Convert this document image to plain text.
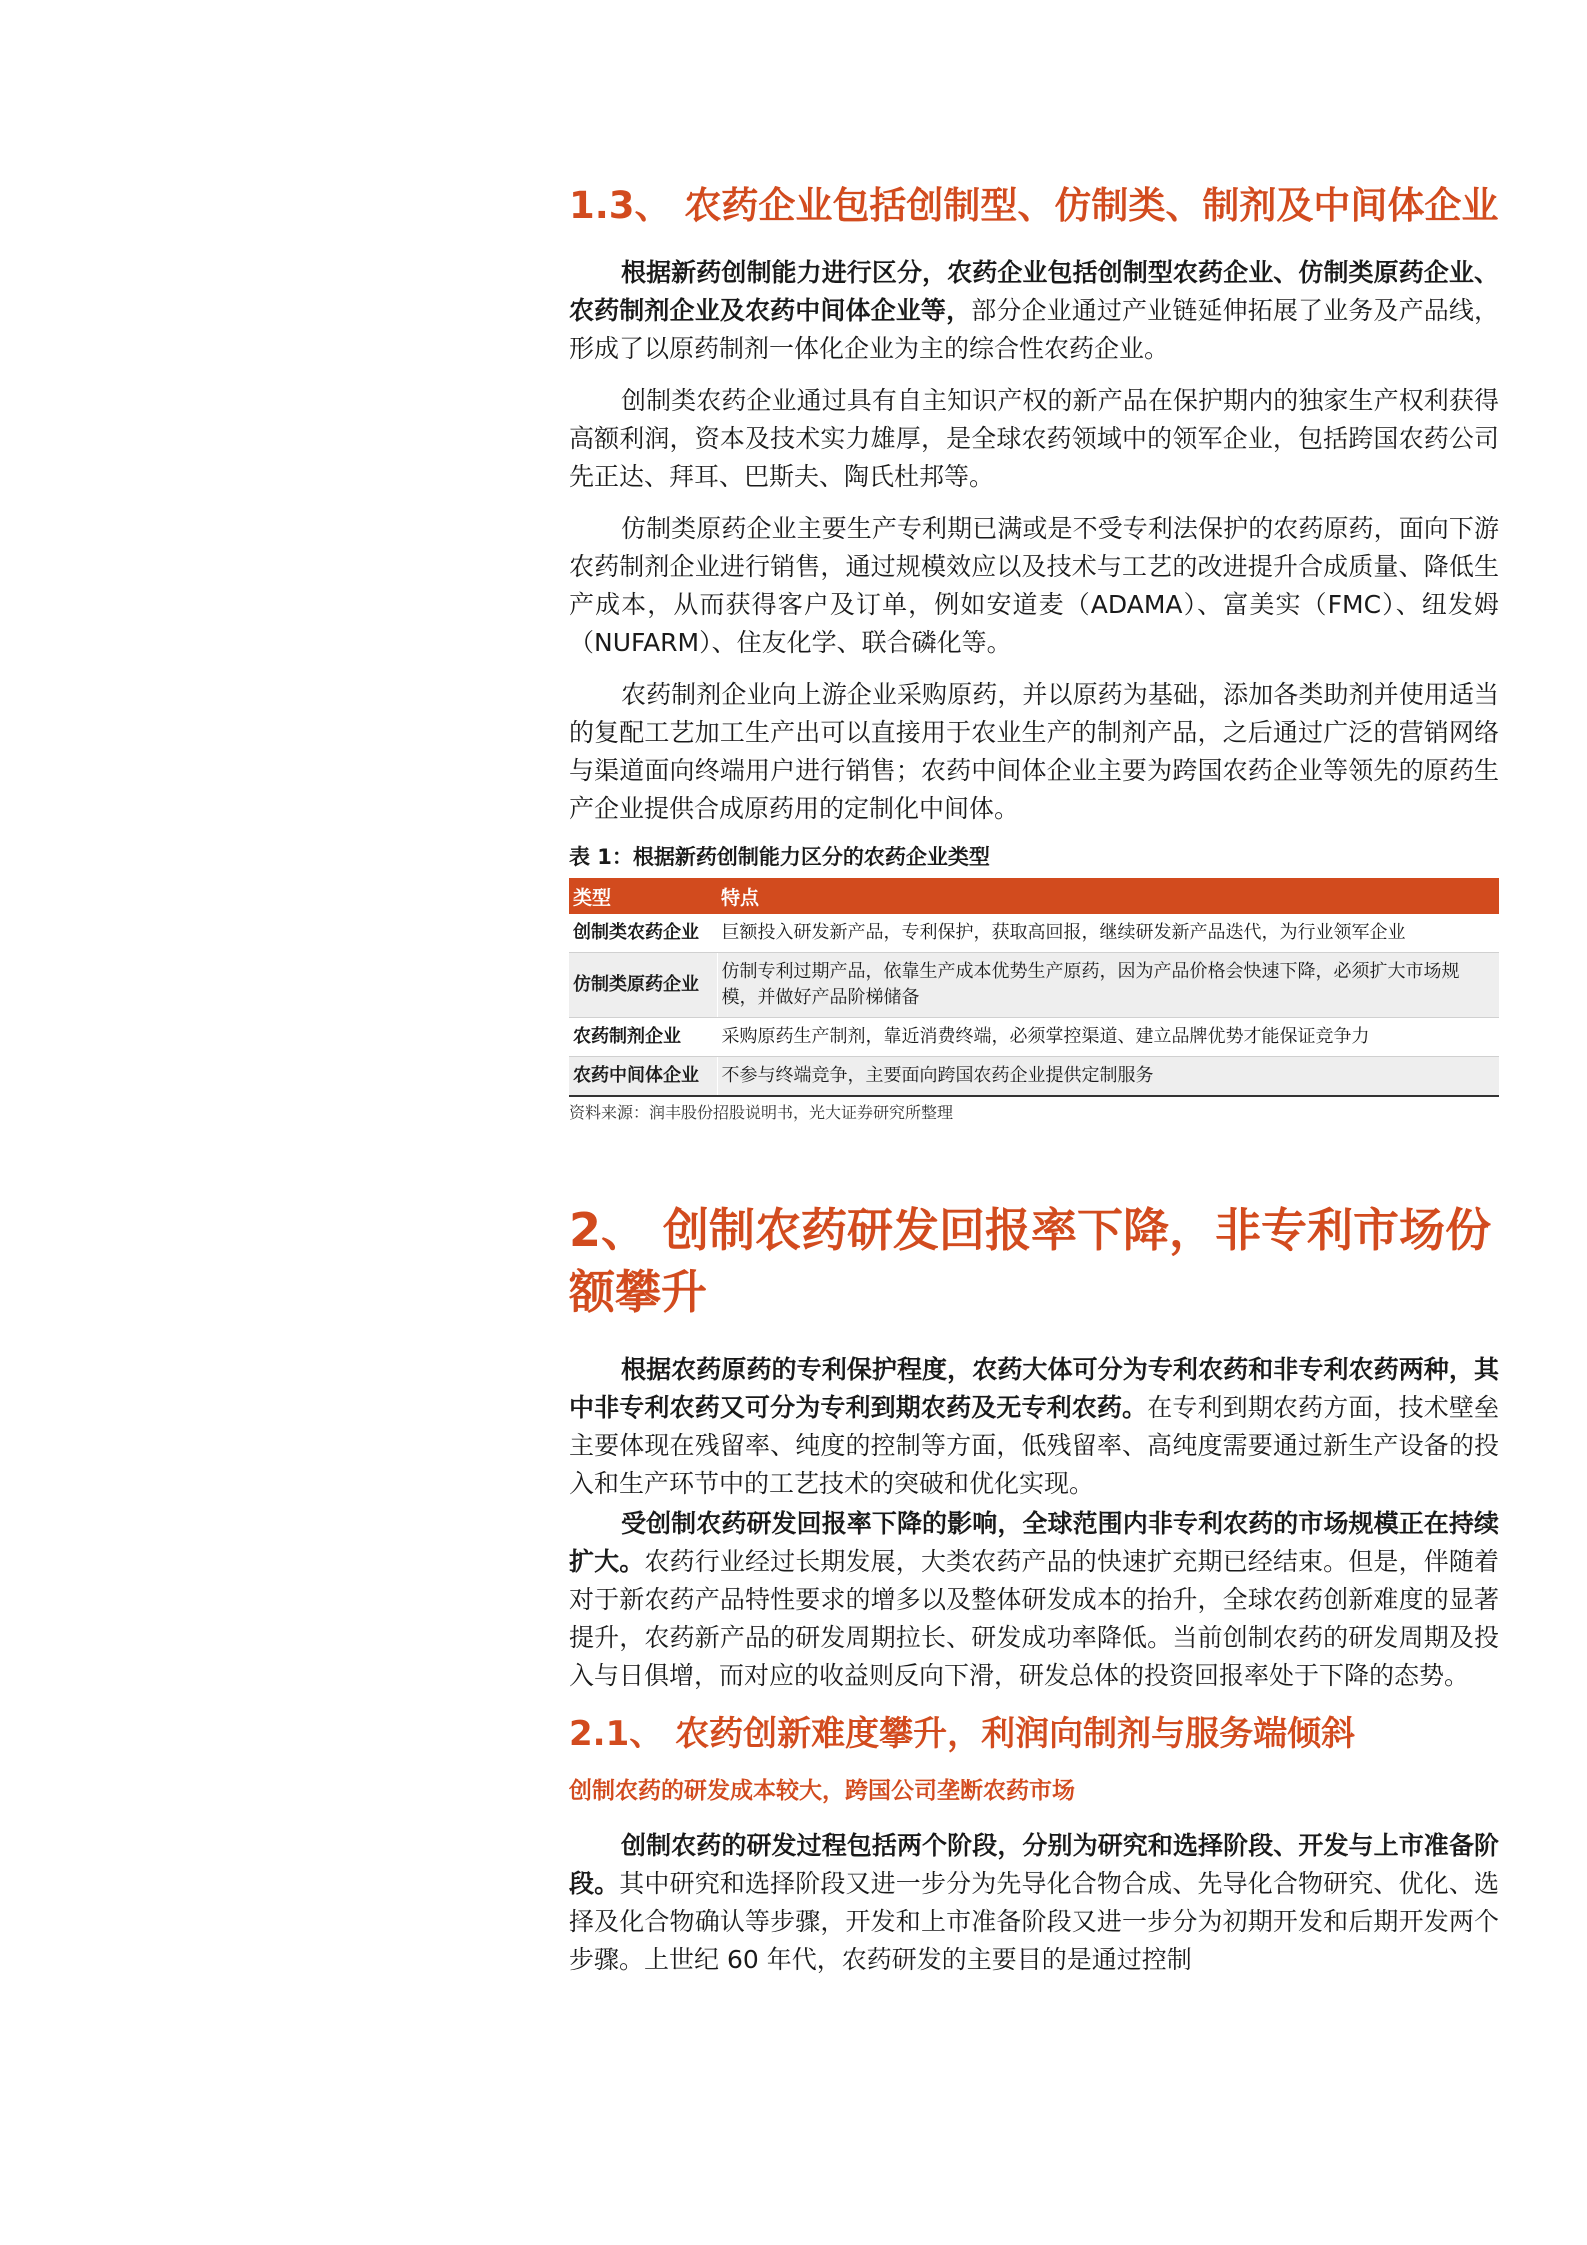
1.3、 农药企业包括创制型、仿制类、制剂及中间体企业

根据新药创制能力进行区分，农药企业包括创制型农药企业、仿制类原药企业、农药制剂企业及农药中间体企业等，部分企业通过产业链延伸拓展了业务及产品线，形成了以原药制剂一体化企业为主的综合性农药企业。

创制类农药企业通过具有自主知识产权的新产品在保护期内的独家生产权利获得高额利润，资本及技术实力雄厚，是全球农药领域中的领军企业，包括跨国农药公司先正达、拜耳、巴斯夫、陶氏杜邦等。

仿制类原药企业主要生产专利期已满或是不受专利法保护的农药原药，面向下游农药制剂企业进行销售，通过规模效应以及技术与工艺的改进提升合成质量、降低生产成本，从而获得客户及订单，例如安道麦（ADAMA）、富美实（FMC）、纽发姆（NUFARM）、住友化学、联合磷化等。

农药制剂企业向上游企业采购原药，并以原药为基础，添加各类助剂并使用适当的复配工艺加工生产出可以直接用于农业生产的制剂产品，之后通过广泛的营销网络与渠道面向终端用户进行销售；农药中间体企业主要为跨国农药企业等领先的原药生产企业提供合成原药用的定制化中间体。

表 1：根据新药创制能力区分的农药企业类型
类型	特点
创制类农药企业	巨额投入研发新产品，专利保护，获取高回报，继续研发新产品迭代，为行业领军企业
仿制类原药企业	仿制专利过期产品，依靠生产成本优势生产原药，因为产品价格会快速下降，必须扩大市场规模，并做好产品阶梯储备
农药制剂企业	采购原药生产制剂，靠近消费终端，必须掌控渠道、建立品牌优势才能保证竞争力
农药中间体企业	不参与终端竞争，主要面向跨国农药企业提供定制服务
资料来源：润丰股份招股说明书，光大证券研究所整理
2、 创制农药研发回报率下降，非专利市场份额攀升

根据农药原药的专利保护程度，农药大体可分为专利农药和非专利农药两种，其中非专利农药又可分为专利到期农药及无专利农药。在专利到期农药方面，技术壁垒主要体现在残留率、纯度的控制等方面，低残留率、高纯度需要通过新生产设备的投入和生产环节中的工艺技术的突破和优化实现。

受创制农药研发回报率下降的影响，全球范围内非专利农药的市场规模正在持续扩大。农药行业经过长期发展，大类农药产品的快速扩充期已经结束。但是，伴随着对于新农药产品特性要求的增多以及整体研发成本的抬升，全球农药创新难度的显著提升，农药新产品的研发周期拉长、研发成功率降低。当前创制农药的研发周期及投入与日俱增，而对应的收益则反向下滑，研发总体的投资回报率处于下降的态势。

2.1、 农药创新难度攀升，利润向制剂与服务端倾斜
创制农药的研发成本较大，跨国公司垄断农药市场

创制农药的研发过程包括两个阶段，分别为研究和选择阶段、开发与上市准备阶段。其中研究和选择阶段又进一步分为先导化合物合成、先导化合物研究、优化、选择及化合物确认等步骤，开发和上市准备阶段又进一步分为初期开发和后期开发两个步骤。上世纪 60 年代，农药研发的主要目的是通过控制
